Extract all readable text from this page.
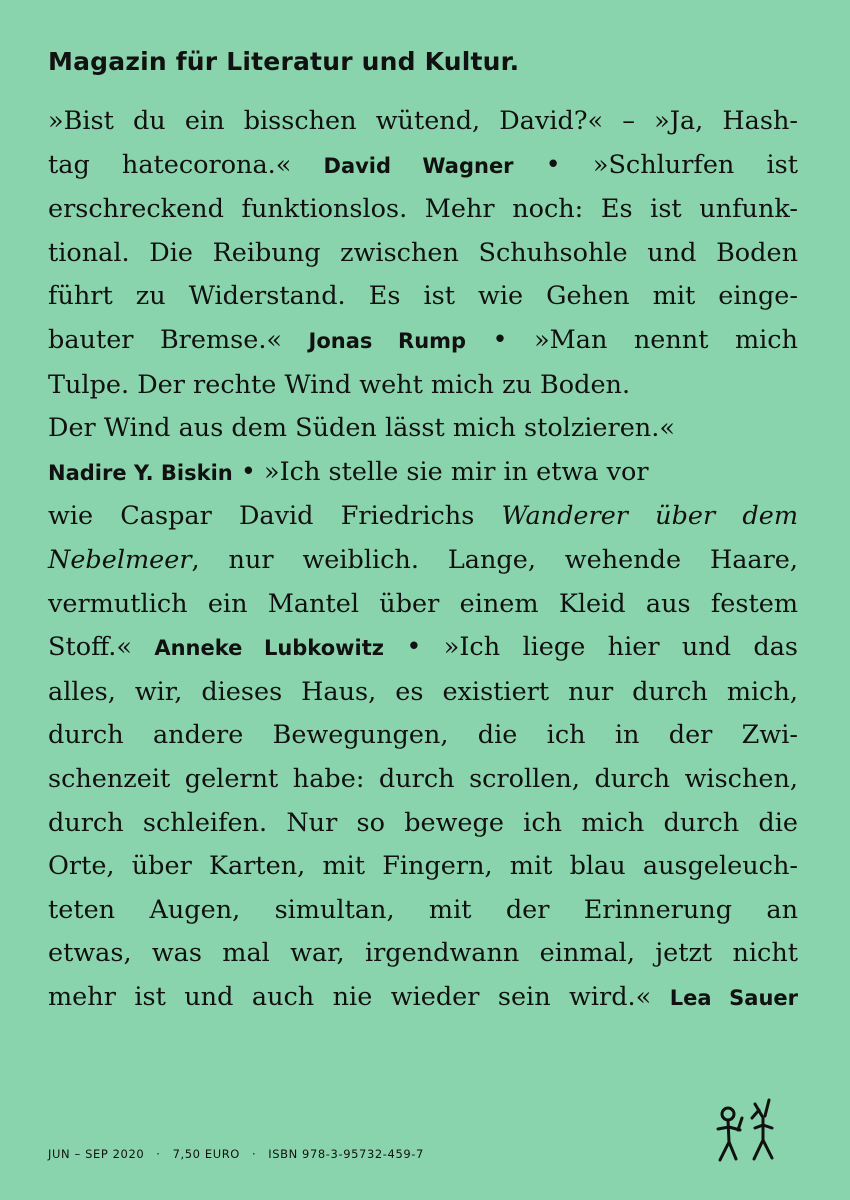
Magazin für Literatur und Kultur.
»Bist du ein bisschen wütend, David?« – »Ja, Hash-
tag hatecorona.« David Wagner • »Schlurfen ist
erschreckend funktionslos. Mehr noch: Es ist unfunk-
tional. Die Reibung zwischen Schuhsohle und Boden
führt zu Widerstand. Es ist wie Gehen mit einge-
bauter Bremse.« Jonas Rump • »Man nennt mich
Tulpe. Der rechte Wind weht mich zu Boden.
Der Wind aus dem Süden lässt mich stolzieren.«
Nadire Y. Biskin • »Ich stelle sie mir in etwa vor
wie Caspar David Friedrichs Wanderer über dem
Nebelmeer, nur weiblich. Lange, wehende Haare,
vermutlich ein Mantel über einem Kleid aus festem
Stoff.« Anneke Lubkowitz • »Ich liege hier und das
alles, wir, dieses Haus, es existiert nur durch mich,
durch andere Bewegungen, die ich in der Zwi-
schenzeit gelernt habe: durch scrollen, durch wischen,
durch schleifen. Nur so bewege ich mich durch die
Orte, über Karten, mit Fingern, mit blau ausgeleuch-
teten Augen, simultan, mit der Erinnerung an
etwas, was mal war, irgendwann einmal, jetzt nicht
mehr ist und auch nie wieder sein wird.« Lea Sauer
JUN – SEP 2020 · 7,50 EURO · ISBN 978-3-95732-459-7
